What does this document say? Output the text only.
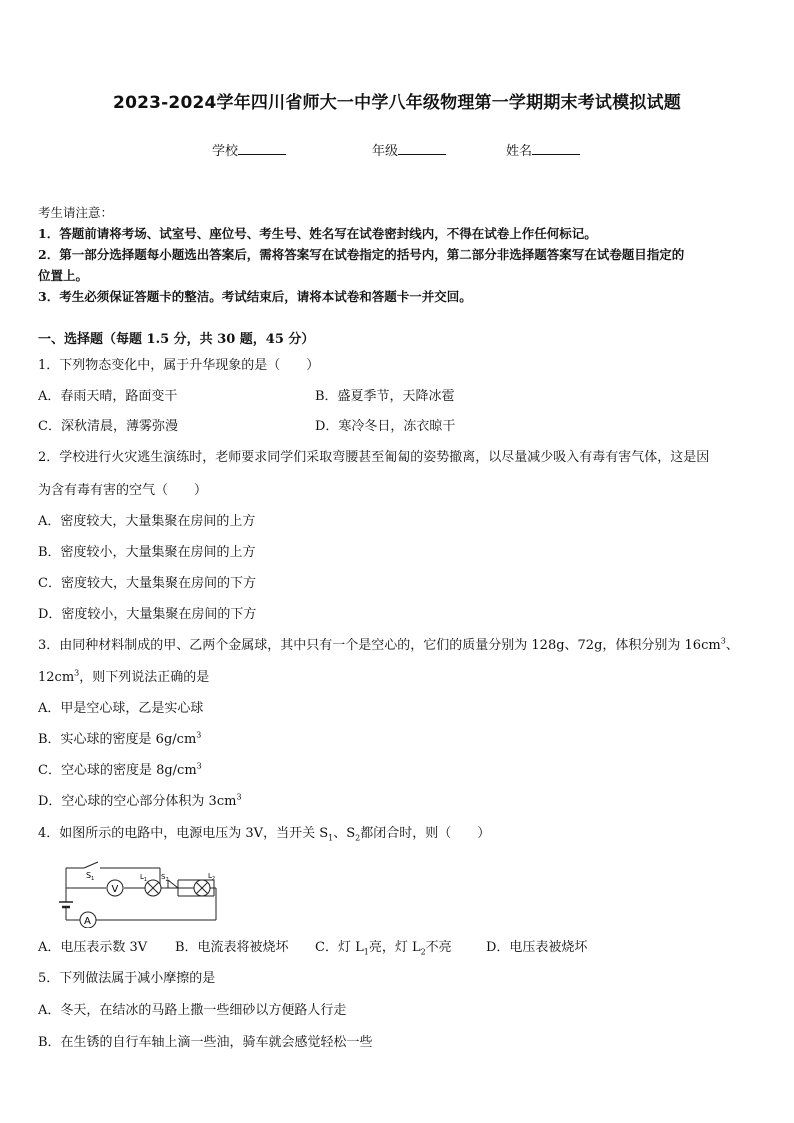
2023-2024学年四川省师大一中学八年级物理第一学期期末考试模拟试题
学校	年级	姓名
考生请注意：
1．答题前请将考场、试室号、座位号、考生号、姓名写在试卷密封线内，不得在试卷上作任何标记。
2．第一部分选择题每小题选出答案后，需将答案写在试卷指定的括号内，第二部分非选择题答案写在试卷题目指定的
位置上。
3．考生必须保证答题卡的整洁。考试结束后，请将本试卷和答题卡一并交回。
一、选择题（每题 1.5 分，共 30 题，45 分）
1．下列物态变化中，属于升华现象的是（　　）
A．春雨天晴，路面变干	B．盛夏季节，天降冰雹
C．深秋清晨，薄雾弥漫	D．寒冷冬日，冻衣晾干
2．学校进行火灾逃生演练时，老师要求同学们采取弯腰甚至匍匐的姿势撤离，以尽量减少吸入有毒有害气体，这是因
为含有毒有害的空气（　　）
A．密度较大，大量集聚在房间的上方
B．密度较小，大量集聚在房间的上方
C．密度较大，大量集聚在房间的下方
D．密度较小，大量集聚在房间的下方
3．由同种材料制成的甲、乙两个金属球，其中只有一个是空心的，它们的质量分别为 128g、72g，体积分别为 $16cm^3$、
$12cm^3$，则下列说法正确的是
A．甲是空心球，乙是实心球
B．实心球的密度是 $6g/cm^3$
C．空心球的密度是 $8g/cm^3$
D．空心球的空心部分体积为 $3cm^3$
4．如图所示的电路中，电源电压为 3V，当开关 $S_1$、$S_2$都闭合时，则（　　）
V
A
$S_1$	$L_1$ $S_2$	$L_2$
A．电压表示数 3V B．电流表将被烧坏 C．灯 $L_1$亮，灯 $L_2$不亮	D．电压表被烧坏
5．下列做法属于减小摩擦的是
A．冬天，在结冰的马路上撒一些细砂以方便路人行走
B．在生锈的自行车轴上滴一些油，骑车就会感觉轻松一些
